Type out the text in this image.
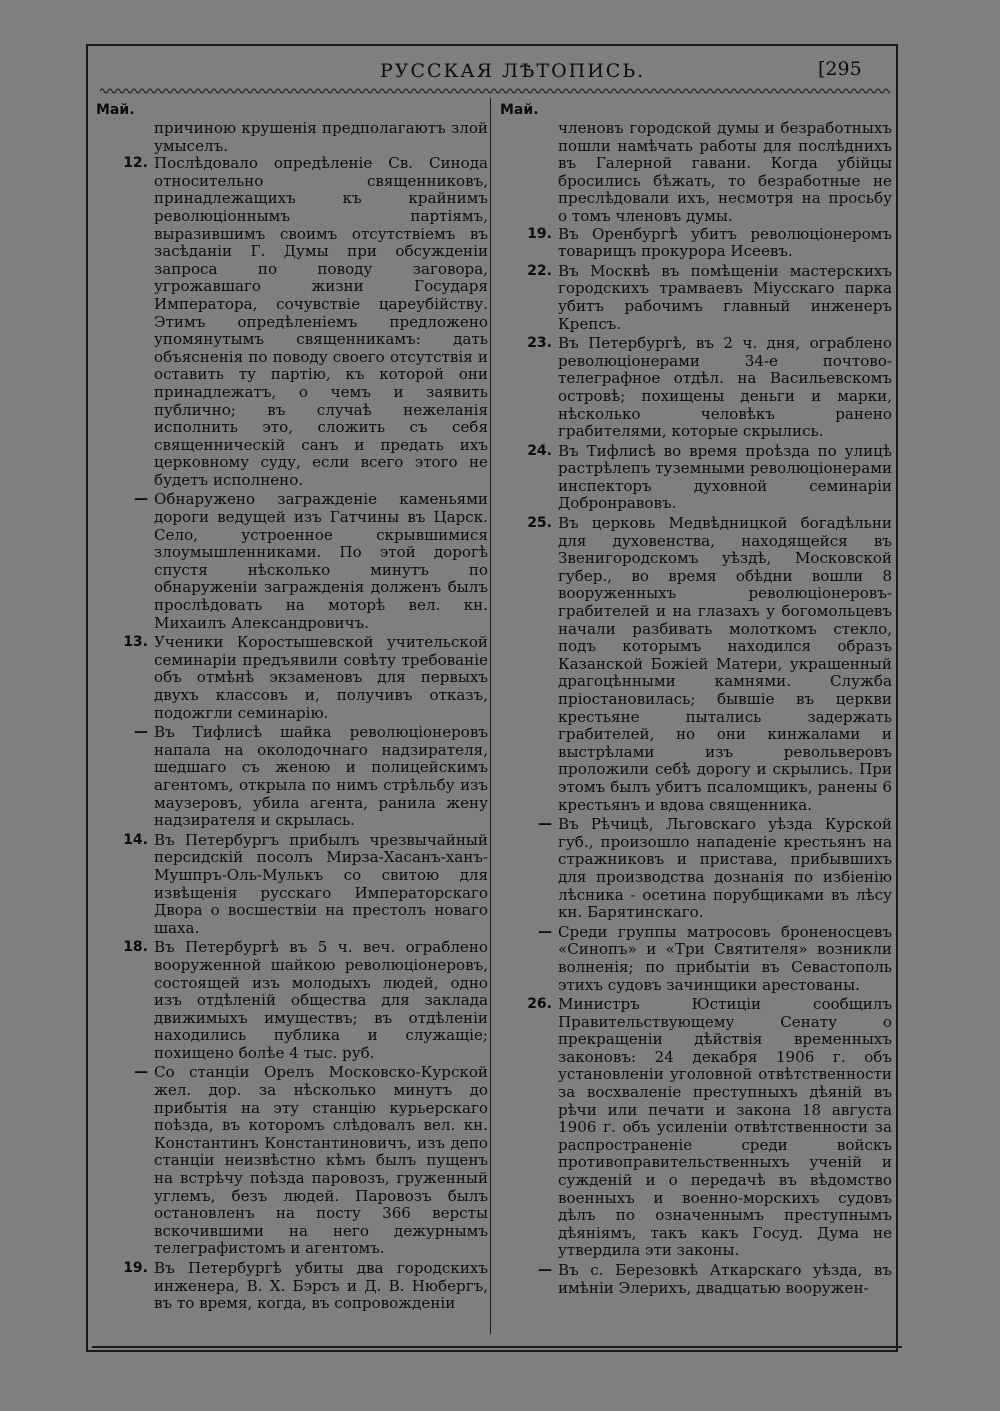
РУССКАЯ ЛѢТОПИСЬ.	[295
Май.	Май.
причиною крушенія предполагаютъ злой умыселъ.
12. Послѣдовало опредѣленіе Св. Синода относительно священниковъ, принадлежащихъ къ крайнимъ революціоннымъ партіямъ, выразившимъ своимъ отсутствіемъ въ засѣданіи Г. Думы при обсужденіи запроса по поводу заговора, угрожавшаго жизни Государя Императора, сочувствіе цареубійству. Этимъ опредѣленіемъ предложено упомянутымъ священникамъ: дать объясненія по поводу своего отсутствія и оставить ту партію, къ которой они принадлежатъ, о чемъ и заявить публично; въ случаѣ нежеланія исполнить это, сложить съ себя священническій санъ и предать ихъ церковному суду, если всего этого не будетъ исполнено.
— Обнаружено загражденіе каменьями дороги ведущей изъ Гатчины въ Царск. Село, устроенное скрывшимися злоумышленниками. По этой дорогѣ спустя нѣсколько минутъ по обнаруженіи загражденія долженъ былъ прослѣдовать на моторѣ вел. кн. Михаилъ Александровичъ.
13. Ученики Коростышевской учительской семинаріи предъявили совѣту требованіе объ отмѣнѣ экзаменовъ для первыхъ двухъ классовъ и, получивъ отказъ, подожгли семинарію.
— Въ Тифлисѣ шайка революціонеровъ напала на околодочнаго надзирателя, шедшаго съ женою и полицейскимъ агентомъ, открыла по нимъ стрѣльбу изъ маузеровъ, убила агента, ранила жену надзирателя и скрылась.
14. Въ Петербургъ прибылъ чрезвычайный персидскій посолъ Мирза-Хасанъ-ханъ-Мушпръ-Оль-Мулькъ со свитою для извѣщенія русскаго Императорскаго Двора о восшествіи на престолъ новаго шаха.
18. Въ Петербургѣ въ 5 ч. веч. ограблено вооруженной шайкою революціонеровъ, состоящей изъ молодыхъ людей, одно изъ отдѣленій общества для заклада движимыхъ имуществъ; въ отдѣленіи находились публика и служащіе; похищено болѣе 4 тыс. руб.
— Со станціи Орелъ Московско-Курской жел. дор. за нѣсколько минутъ до прибытія на эту станцію курьерскаго поѣзда, въ которомъ слѣдовалъ вел. кн. Константинъ Константиновичъ, изъ депо станціи неизвѣстно кѣмъ былъ пущенъ на встрѣчу поѣзда паровозъ, груженный углемъ, безъ людей. Паровозъ былъ остановленъ на посту 366 версты вскочившими на него дежурнымъ телеграфистомъ и агентомъ.
19. Въ Петербургѣ убиты два городскихъ инженера, В. Х. Бэрсъ и Д. В. Нюбергъ, въ то время, когда, въ сопровожденіи
членовъ городской думы и безработныхъ пошли намѣчать работы для послѣднихъ въ Галерной гавани. Когда убійцы бросились бѣжать, то безработные не преслѣдовали ихъ, несмотря на просьбу о томъ членовъ думы.
19. Въ Оренбургѣ убитъ революціонеромъ товарищъ прокурора Исеевъ.
22. Въ Москвѣ въ помѣщеніи мастерскихъ городскихъ трамваевъ Міусскаго парка убитъ рабочимъ главный инженеръ Крепсъ.
23. Въ Петербургѣ, въ 2 ч. дня, ограблено революціонерами 34-е почтово-телеграфное отдѣл. на Васильевскомъ островѣ; похищены деньги и марки, нѣсколько человѣкъ ранено грабителями, которые скрылись.
24. Въ Тифлисѣ во время проѣзда по улицѣ растрѣлепъ туземными революціонерами инспекторъ духовной семинаріи Добронравовъ.
25. Въ церковь Медвѣдницкой богадѣльни для духовенства, находящейся въ Звенигородскомъ уѣздѣ, Московской губер., во время обѣдни вошли 8 вооруженныхъ революціонеровъ-грабителей и на глазахъ у богомольцевъ начали разбивать молоткомъ стекло, подъ которымъ находился образъ Казанской Божіей Матери, украшенный драгоцѣнными камнями. Служба пріостановилась; бывшіе въ церкви крестьяне пытались задержать грабителей, но они кинжалами и выстрѣлами изъ револьверовъ проложили себѣ дорогу и скрылись. При этомъ былъ убитъ псаломщикъ, ранены 6 крестьянъ и вдова священника.
— Въ Рѣчицѣ, Льговскаго уѣзда Курской губ., произошло нападеніе крестьянъ на стражниковъ и пристава, прибывшихъ для производства дознанія по избіенію лѣсника - осетина порубщиками въ лѣсу кн. Барятинскаго.
— Среди группы матросовъ броненосцевъ «Синопъ» и «Три Святителя» возникли волненія; по прибытіи въ Севастополь этихъ судовъ зачинщики арестованы.
26. Министръ Юстиціи сообщилъ Правительствующему Сенату о прекращеніи дѣйствія временныхъ законовъ: 24 декабря 1906 г. объ установленіи уголовной отвѣтственности за восхваленіе преступныхъ дѣяній въ рѣчи или печати и закона 18 августа 1906 г. объ усиленіи отвѣтственности за распространеніе среди войскъ противоправительственныхъ ученій и сужденій и о передачѣ въ вѣдомство военныхъ и военно-морскихъ судовъ дѣлъ по означеннымъ преступнымъ дѣяніямъ, такъ какъ Госуд. Дума не утвердила эти законы.
— Въ с. Березовкѣ Аткарскаго уѣзда, въ имѣніи Элерихъ, двадцатью вооружен-
